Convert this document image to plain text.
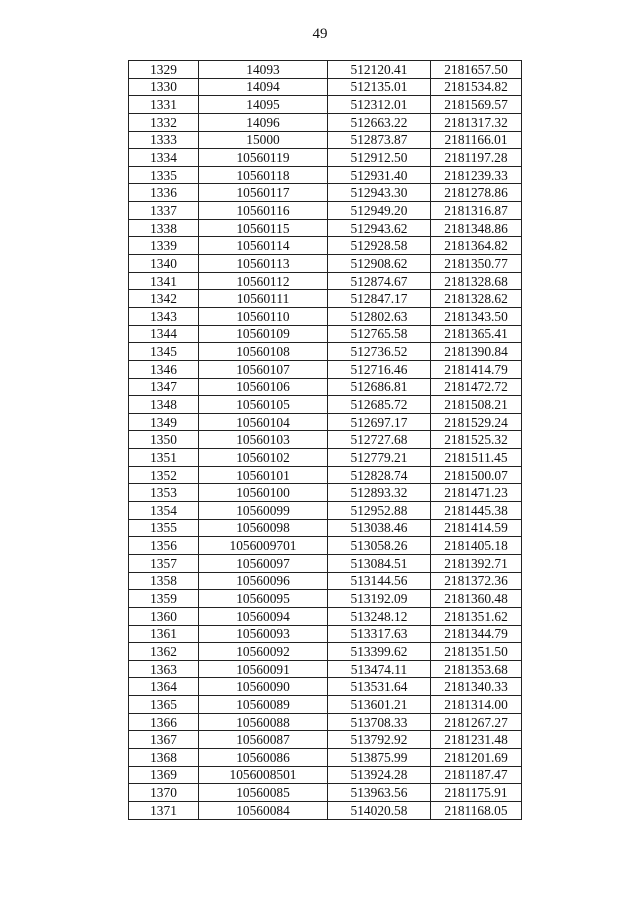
49
1329	14093	512120.41	2181657.50
1330	14094	512135.01	2181534.82
1331	14095	512312.01	2181569.57
1332	14096	512663.22	2181317.32
1333	15000	512873.87	2181166.01
1334	10560119	512912.50	2181197.28
1335	10560118	512931.40	2181239.33
1336	10560117	512943.30	2181278.86
1337	10560116	512949.20	2181316.87
1338	10560115	512943.62	2181348.86
1339	10560114	512928.58	2181364.82
1340	10560113	512908.62	2181350.77
1341	10560112	512874.67	2181328.68
1342	10560111	512847.17	2181328.62
1343	10560110	512802.63	2181343.50
1344	10560109	512765.58	2181365.41
1345	10560108	512736.52	2181390.84
1346	10560107	512716.46	2181414.79
1347	10560106	512686.81	2181472.72
1348	10560105	512685.72	2181508.21
1349	10560104	512697.17	2181529.24
1350	10560103	512727.68	2181525.32
1351	10560102	512779.21	2181511.45
1352	10560101	512828.74	2181500.07
1353	10560100	512893.32	2181471.23
1354	10560099	512952.88	2181445.38
1355	10560098	513038.46	2181414.59
1356	1056009701	513058.26	2181405.18
1357	10560097	513084.51	2181392.71
1358	10560096	513144.56	2181372.36
1359	10560095	513192.09	2181360.48
1360	10560094	513248.12	2181351.62
1361	10560093	513317.63	2181344.79
1362	10560092	513399.62	2181351.50
1363	10560091	513474.11	2181353.68
1364	10560090	513531.64	2181340.33
1365	10560089	513601.21	2181314.00
1366	10560088	513708.33	2181267.27
1367	10560087	513792.92	2181231.48
1368	10560086	513875.99	2181201.69
1369	1056008501	513924.28	2181187.47
1370	10560085	513963.56	2181175.91
1371	10560084	514020.58	2181168.05
